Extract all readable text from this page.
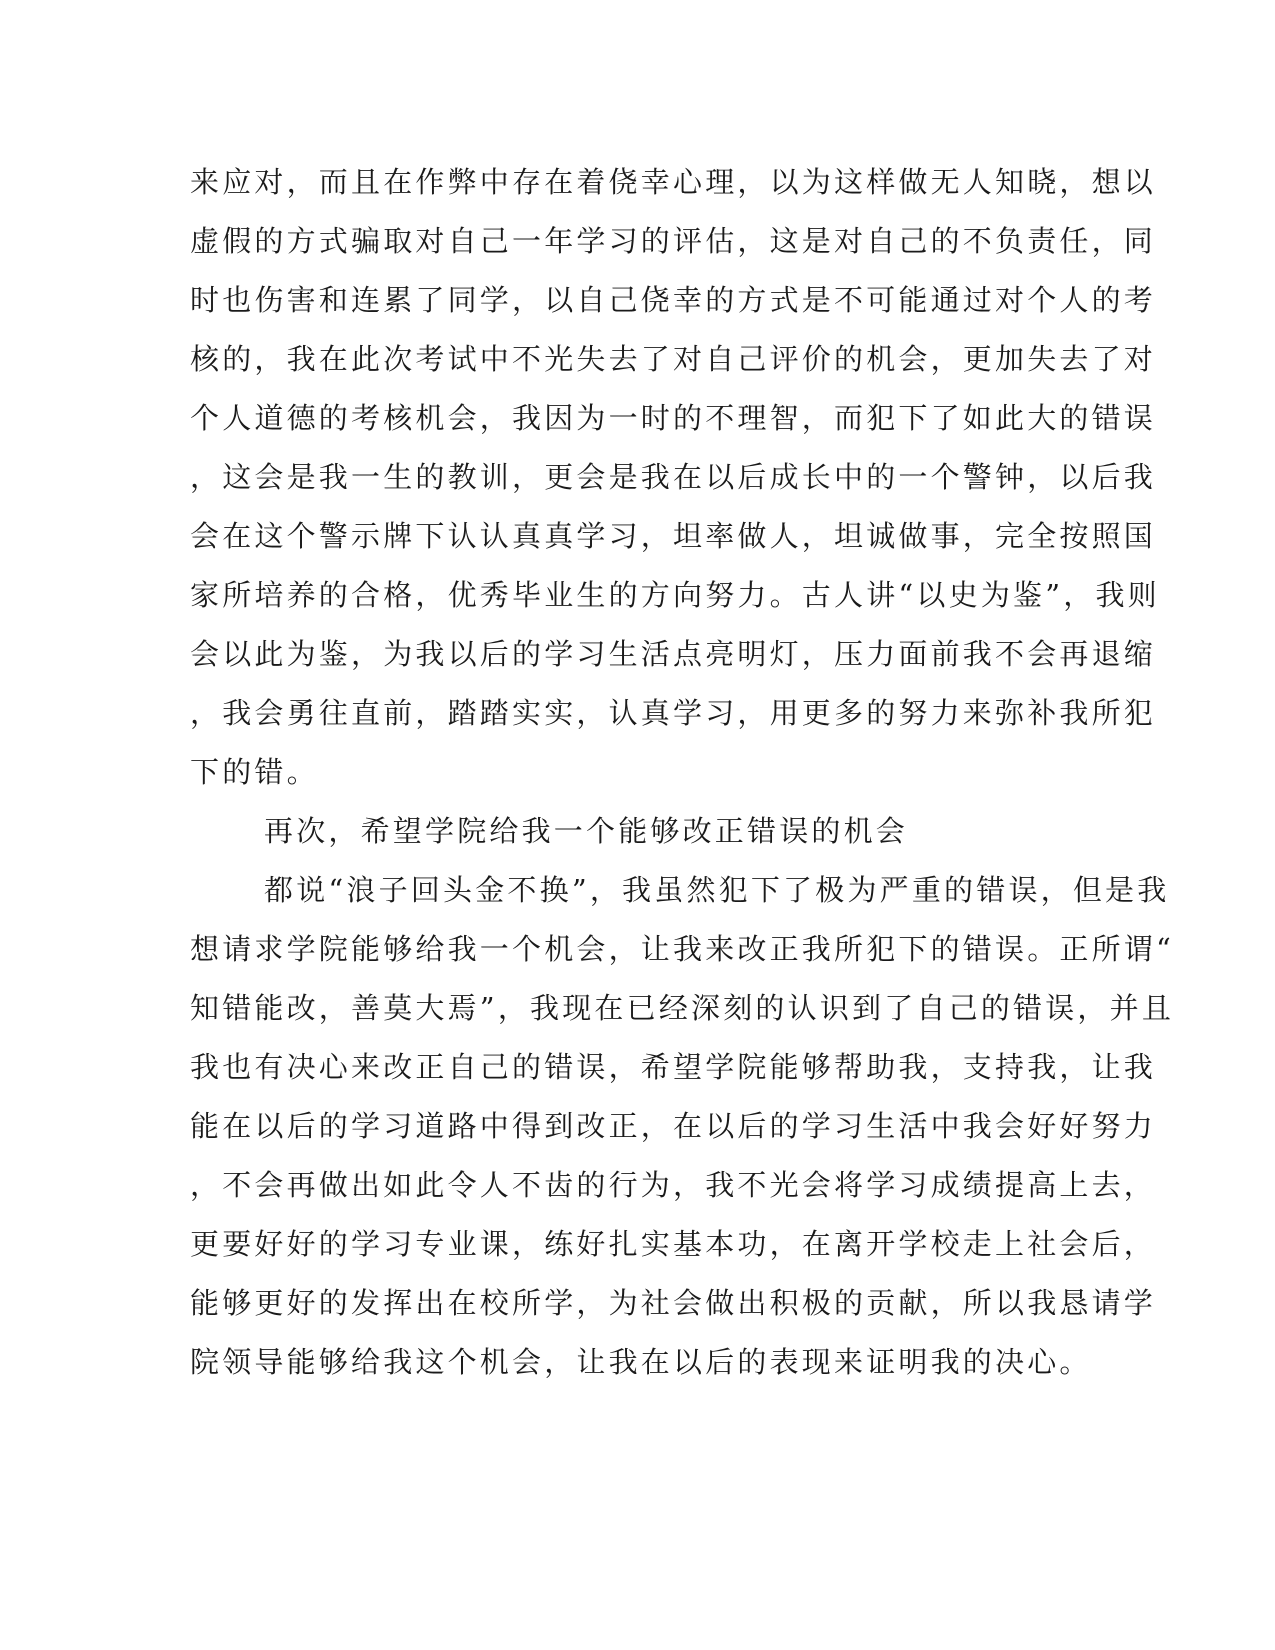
来应对，而且在作弊中存在着侥幸心理，以为这样做无人知晓，想以
虚假的方式骗取对自己一年学习的评估，这是对自己的不负责任，同
时也伤害和连累了同学，以自己侥幸的方式是不可能通过对个人的考
核的，我在此次考试中不光失去了对自己评价的机会，更加失去了对
个人道德的考核机会，我因为一时的不理智，而犯下了如此大的错误
，这会是我一生的教训，更会是我在以后成长中的一个警钟，以后我
会在这个警示牌下认认真真学习，坦率做人，坦诚做事，完全按照国
家所培养的合格，优秀毕业生的方向努力。古人讲“以史为鉴”，我则
会以此为鉴，为我以后的学习生活点亮明灯，压力面前我不会再退缩
，我会勇往直前，踏踏实实，认真学习，用更多的努力来弥补我所犯
下的错。
再次，希望学院给我一个能够改正错误的机会
都说“浪子回头金不换”，我虽然犯下了极为严重的错误，但是我
想请求学院能够给我一个机会，让我来改正我所犯下的错误。正所谓“
知错能改，善莫大焉”，我现在已经深刻的认识到了自己的错误，并且
我也有决心来改正自己的错误，希望学院能够帮助我，支持我，让我
能在以后的学习道路中得到改正，在以后的学习生活中我会好好努力
，不会再做出如此令人不齿的行为，我不光会将学习成绩提高上去，
更要好好的学习专业课，练好扎实基本功，在离开学校走上社会后，
能够更好的发挥出在校所学，为社会做出积极的贡献，所以我恳请学
院领导能够给我这个机会，让我在以后的表现来证明我的决心。
